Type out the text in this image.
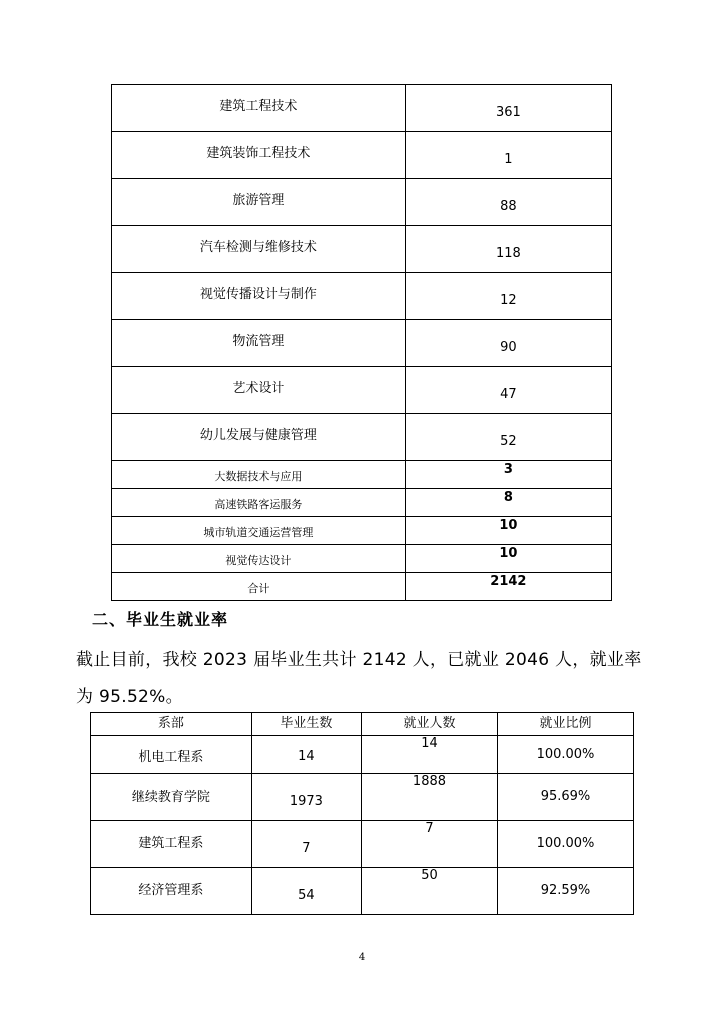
建筑工程技术	361
建筑装饰工程技术	1
旅游管理	88
汽车检测与维修技术	118
视觉传播设计与制作	12
物流管理	90
艺术设计	47
幼儿发展与健康管理	52
大数据技术与应用	3
高速铁路客运服务	8
城市轨道交通运营管理	10
视觉传达设计	10
合计	2142
二、毕业生就业率
截止目前，我校 2023 届毕业生共计 2142 人，已就业 2046 人，就业率为 95.52%。
系部	毕业生数	就业人数	就业比例

机电工程系	14	14	100.00%

继续教育学院	1973	1888	95.69%

建筑工程系	7	7	100.00%

经济管理系	54	50	92.59%
4
